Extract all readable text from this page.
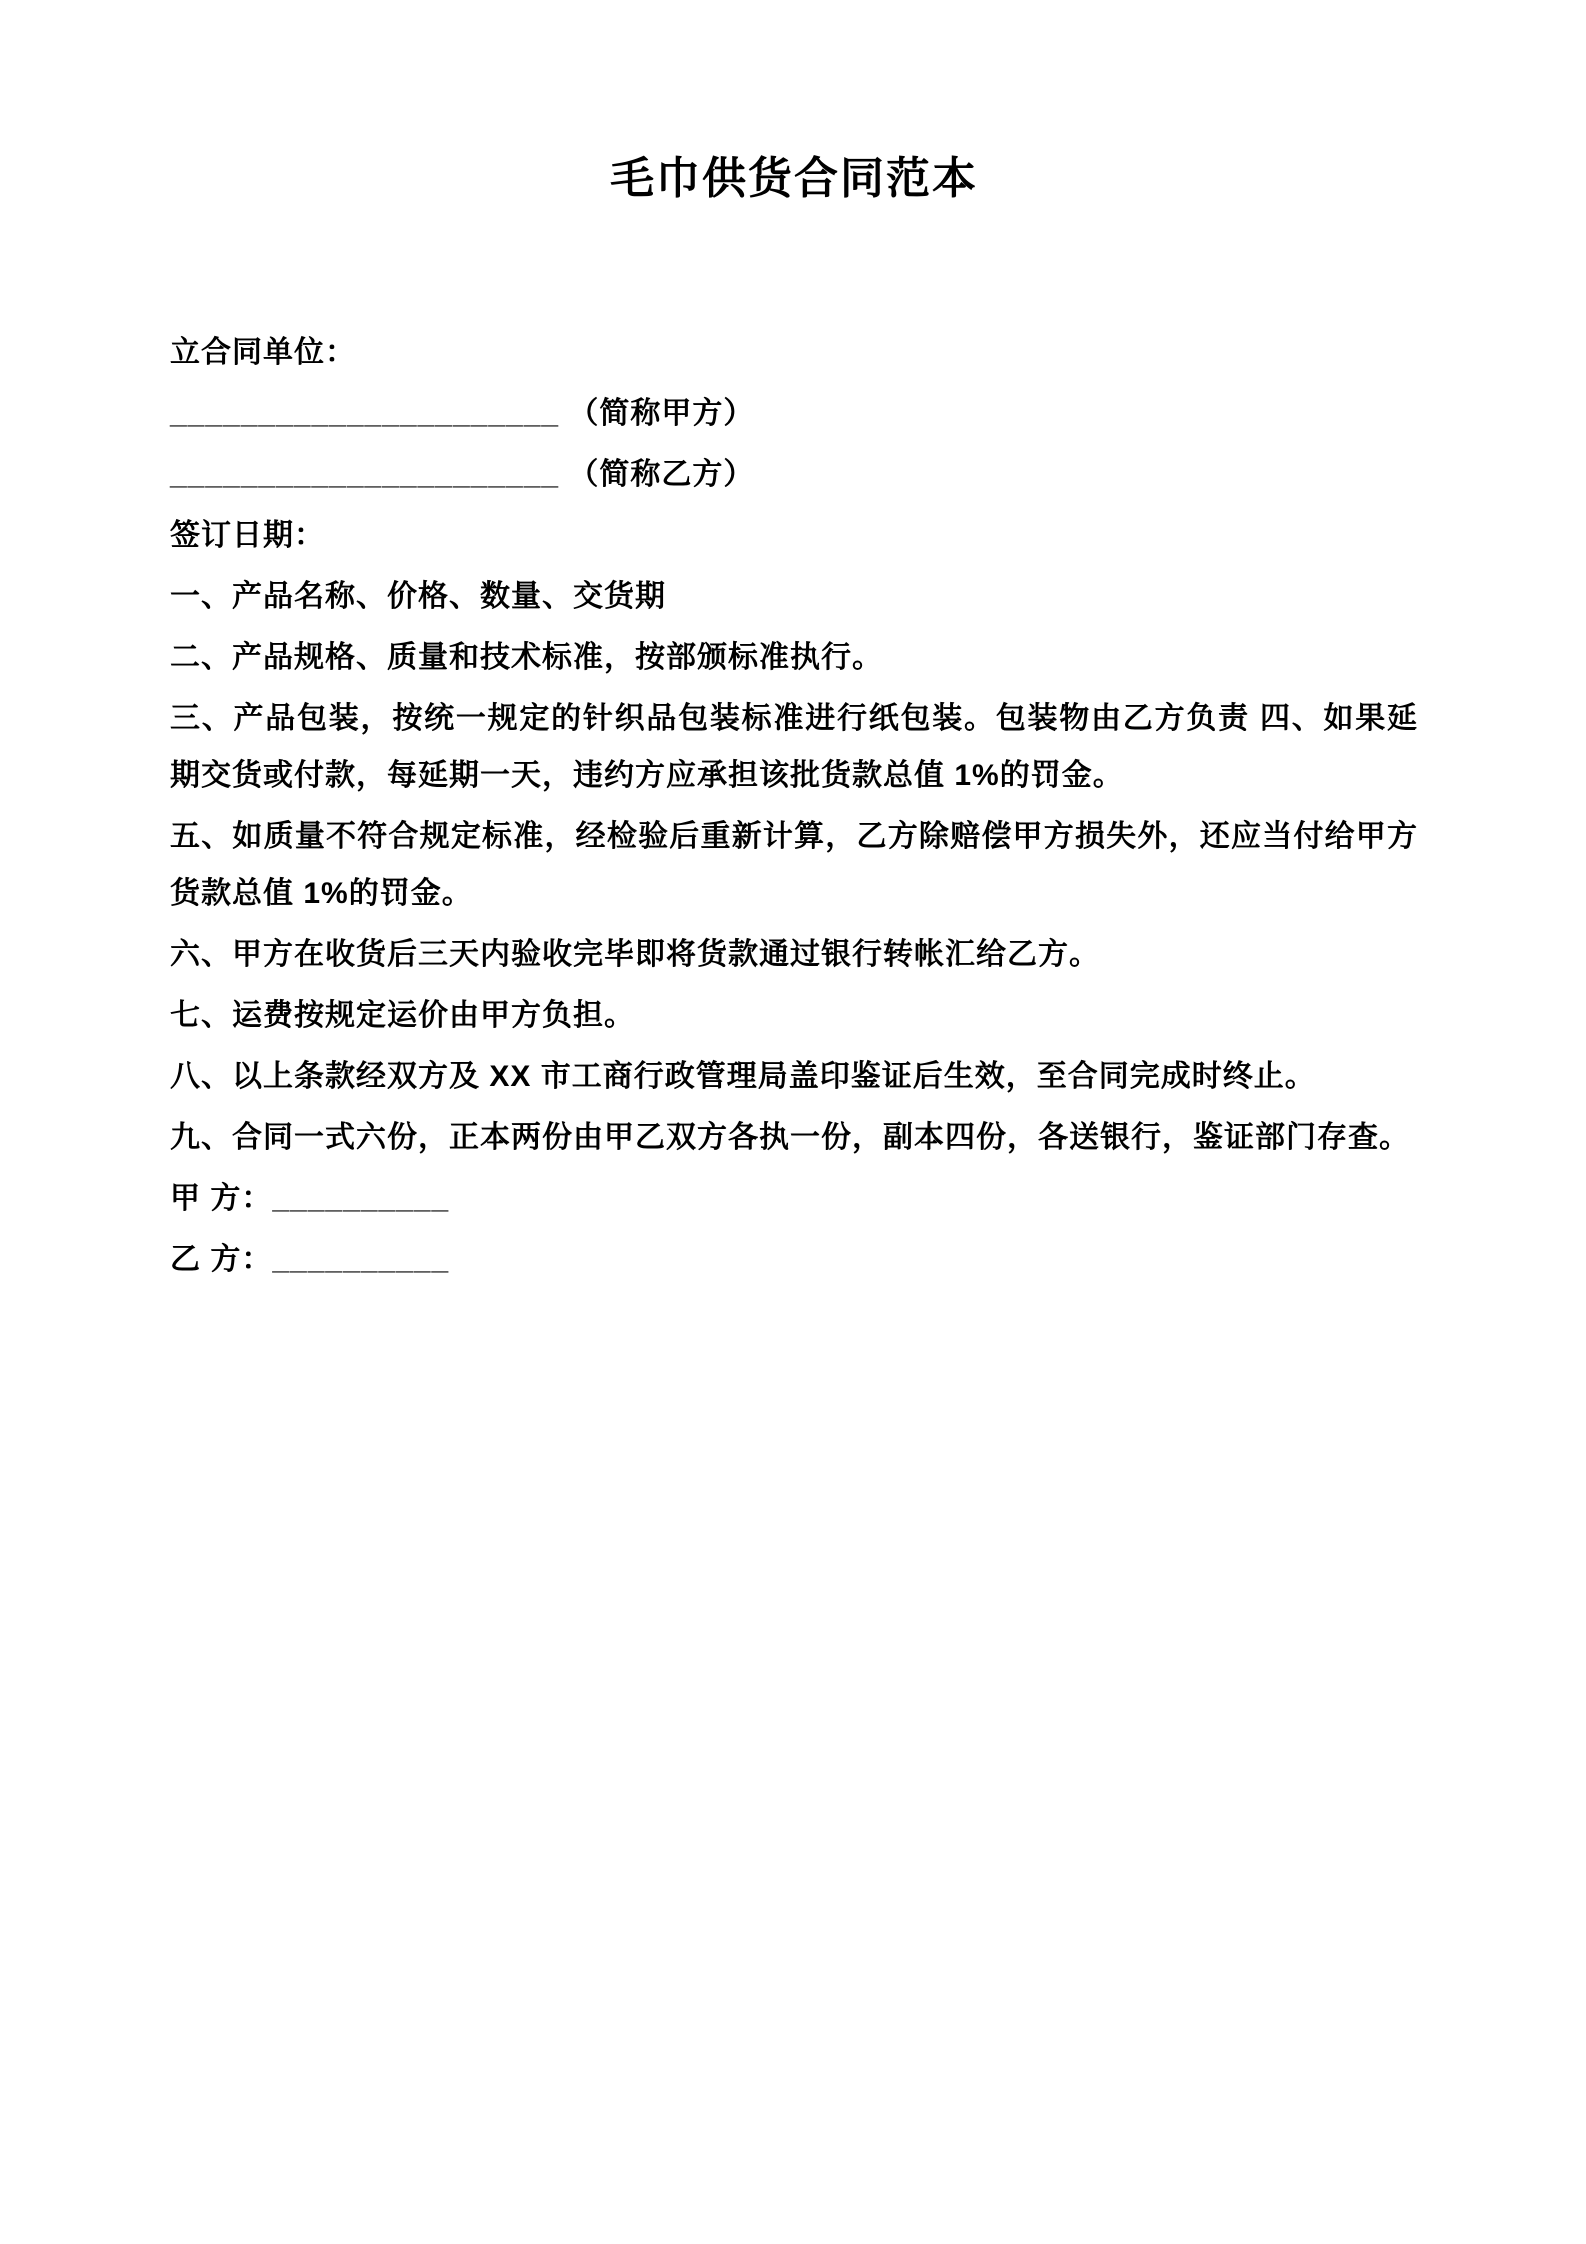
毛巾供货合同范本

立合同单位：

______________________ （简称甲方）

______________________ （简称乙方）

签订日期：

一、产品名称、价格、数量、交货期

二、产品规格、质量和技术标准，按部颁标准执行。

三、产品包装，按统一规定的针织品包装标准进行纸包装。包装物由乙方负责 四、如果延期交货或付款，每延期一天，违约方应承担该批货款总值 1%的罚金。

五、如质量不符合规定标准，经检验后重新计算，乙方除赔偿甲方损失外，还应当付给甲方货款总值 1%的罚金。

六、甲方在收货后三天内验收完毕即将货款通过银行转帐汇给乙方。

七、运费按规定运价由甲方负担。

八、以上条款经双方及 XX 市工商行政管理局盖印鉴证后生效，至合同完成时终止。

九、合同一式六份，正本两份由甲乙双方各执一份，副本四份，各送银行，鉴证部门存查。

甲 方：__________

乙 方：__________
